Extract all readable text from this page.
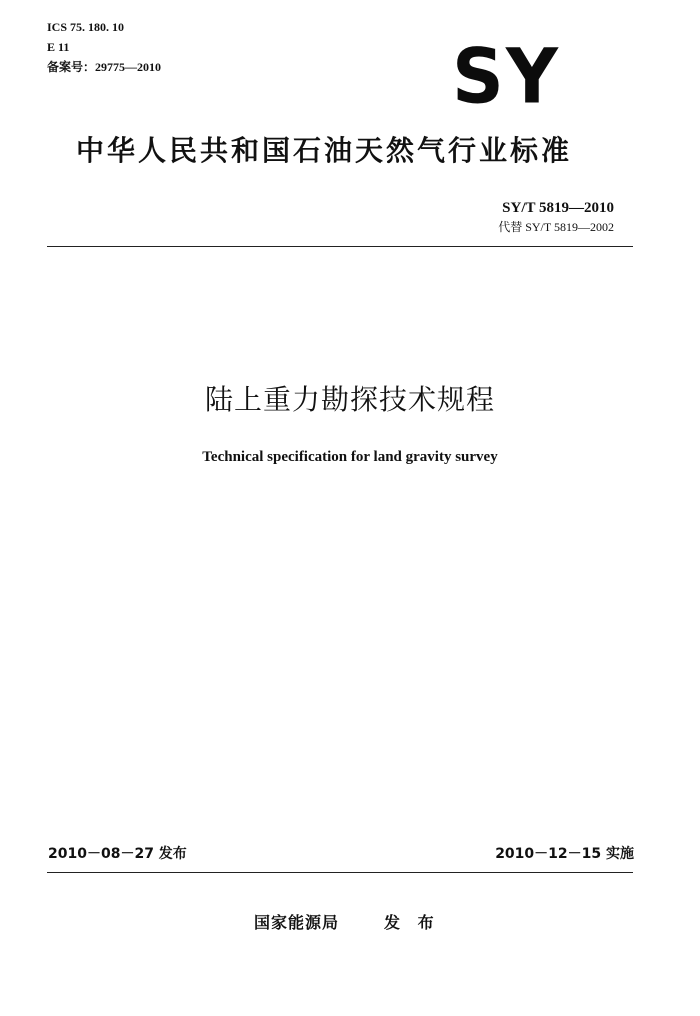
ICS 75. 180. 10
E 11
备案号：29775—2010	SY
中华人民共和国石油天然气行业标准
SY/T 5819—2010
代替 SY/T 5819—2002
陆上重力勘探技术规程
Technical specification for land gravity survey
2010－08－27 发布	2010－12－15 实施
国家能源局	发 布
